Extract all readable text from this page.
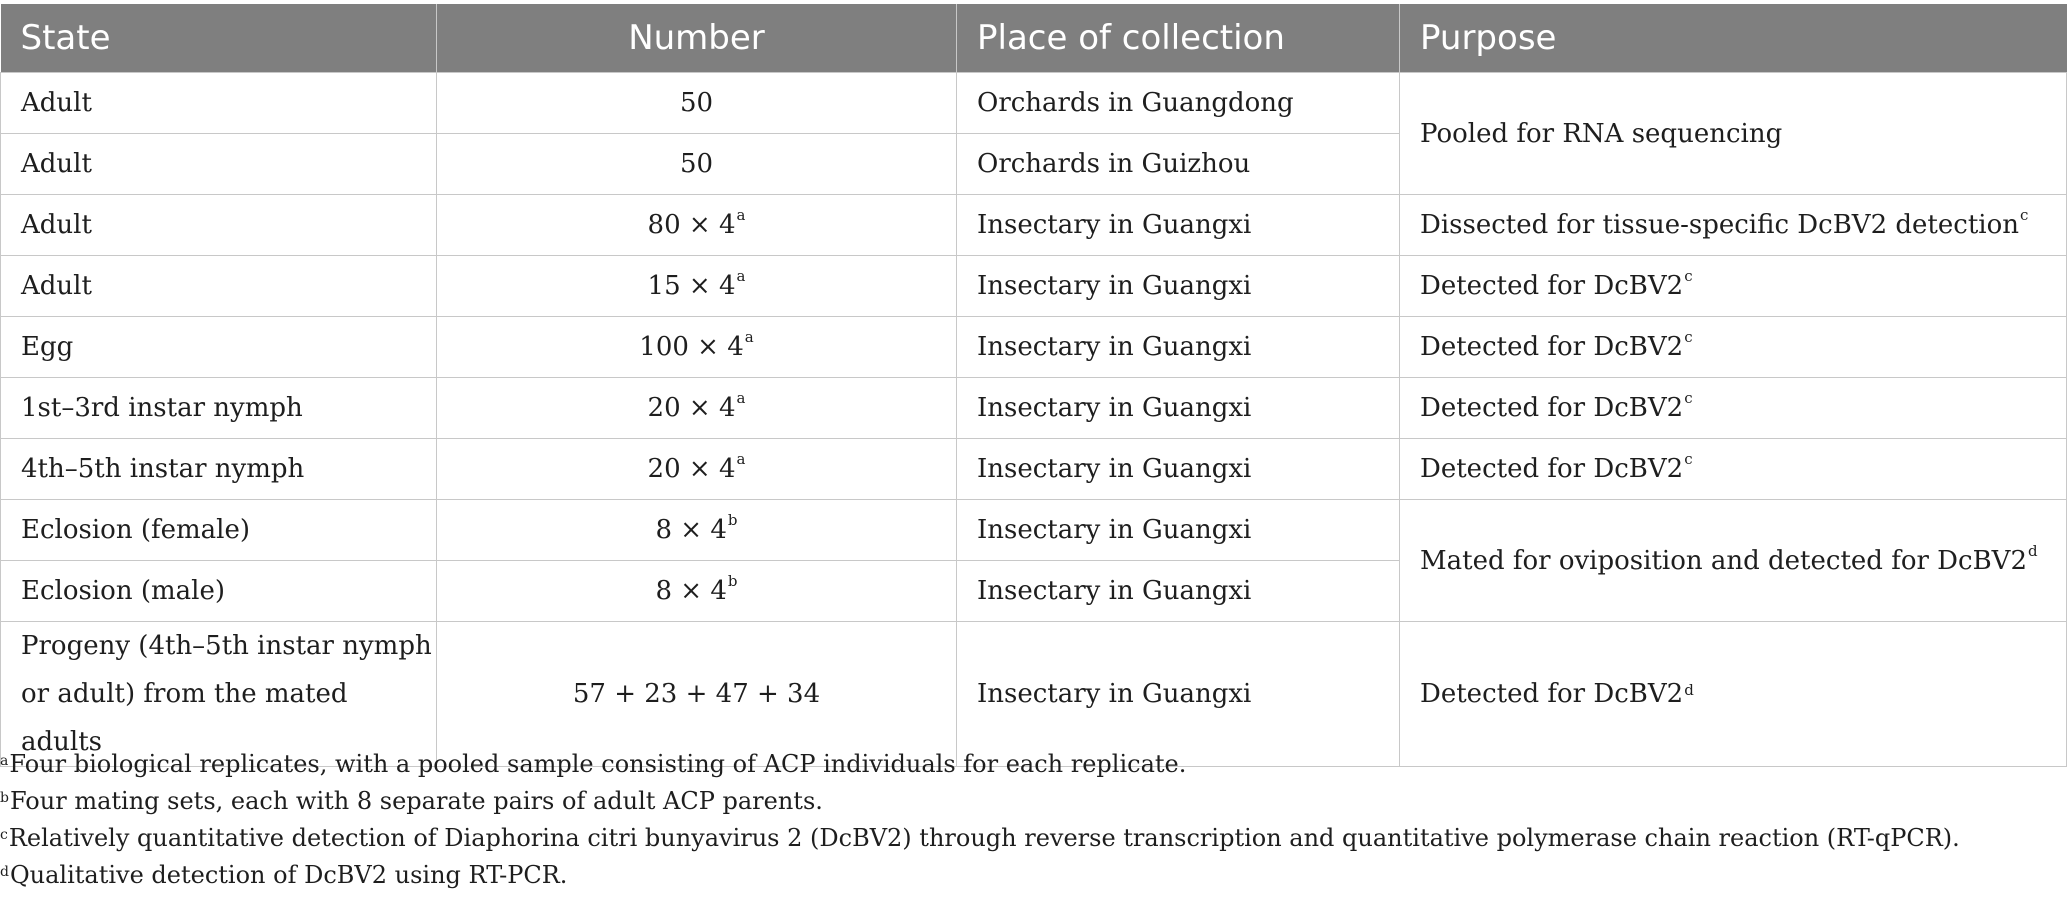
State	Number	Place of collection	Purpose
Adult	50	Orchards in Guangdong	Pooled for RNA sequencing
Adult	50	Orchards in Guizhou	
Adult	$80 \times 4^a$	Insectary in Guangxi	Dissected for tissue-specific DcBV2 detection$^c$
Adult	$15 \times 4^a$	Insectary in Guangxi	Detected for DcBV2$^c$
Egg	$100 \times 4^a$	Insectary in Guangxi	Detected for DcBV2$^c$
1st–3rd instar nymph	$20 \times 4^a$	Insectary in Guangxi	Detected for DcBV2$^c$
4th–5th instar nymph	$20 \times 4^a$	Insectary in Guangxi	Detected for DcBV2$^c$
Eclosion (female)	$8 \times 4^b$	Insectary in Guangxi	Mated for oviposition and detected for DcBV2$^d$
Eclosion (male)	$8 \times 4^b$	Insectary in Guangxi	
Progeny (4th–5th instar nymph
or adult) from the mated adults	57 + 23 + 47 + 34	Insectary in Guangxi	Detected for DcBV2$^d$
$^a$Four biological replicates, with a pooled sample consisting of ACP individuals for each replicate.
$^b$Four mating sets, each with 8 separate pairs of adult ACP parents.
$^c$Relatively quantitative detection of Diaphorina citri bunyavirus 2 (DcBV2) through reverse transcription and quantitative polymerase chain reaction (RT-qPCR).
$^d$Qualitative detection of DcBV2 using RT-PCR.
